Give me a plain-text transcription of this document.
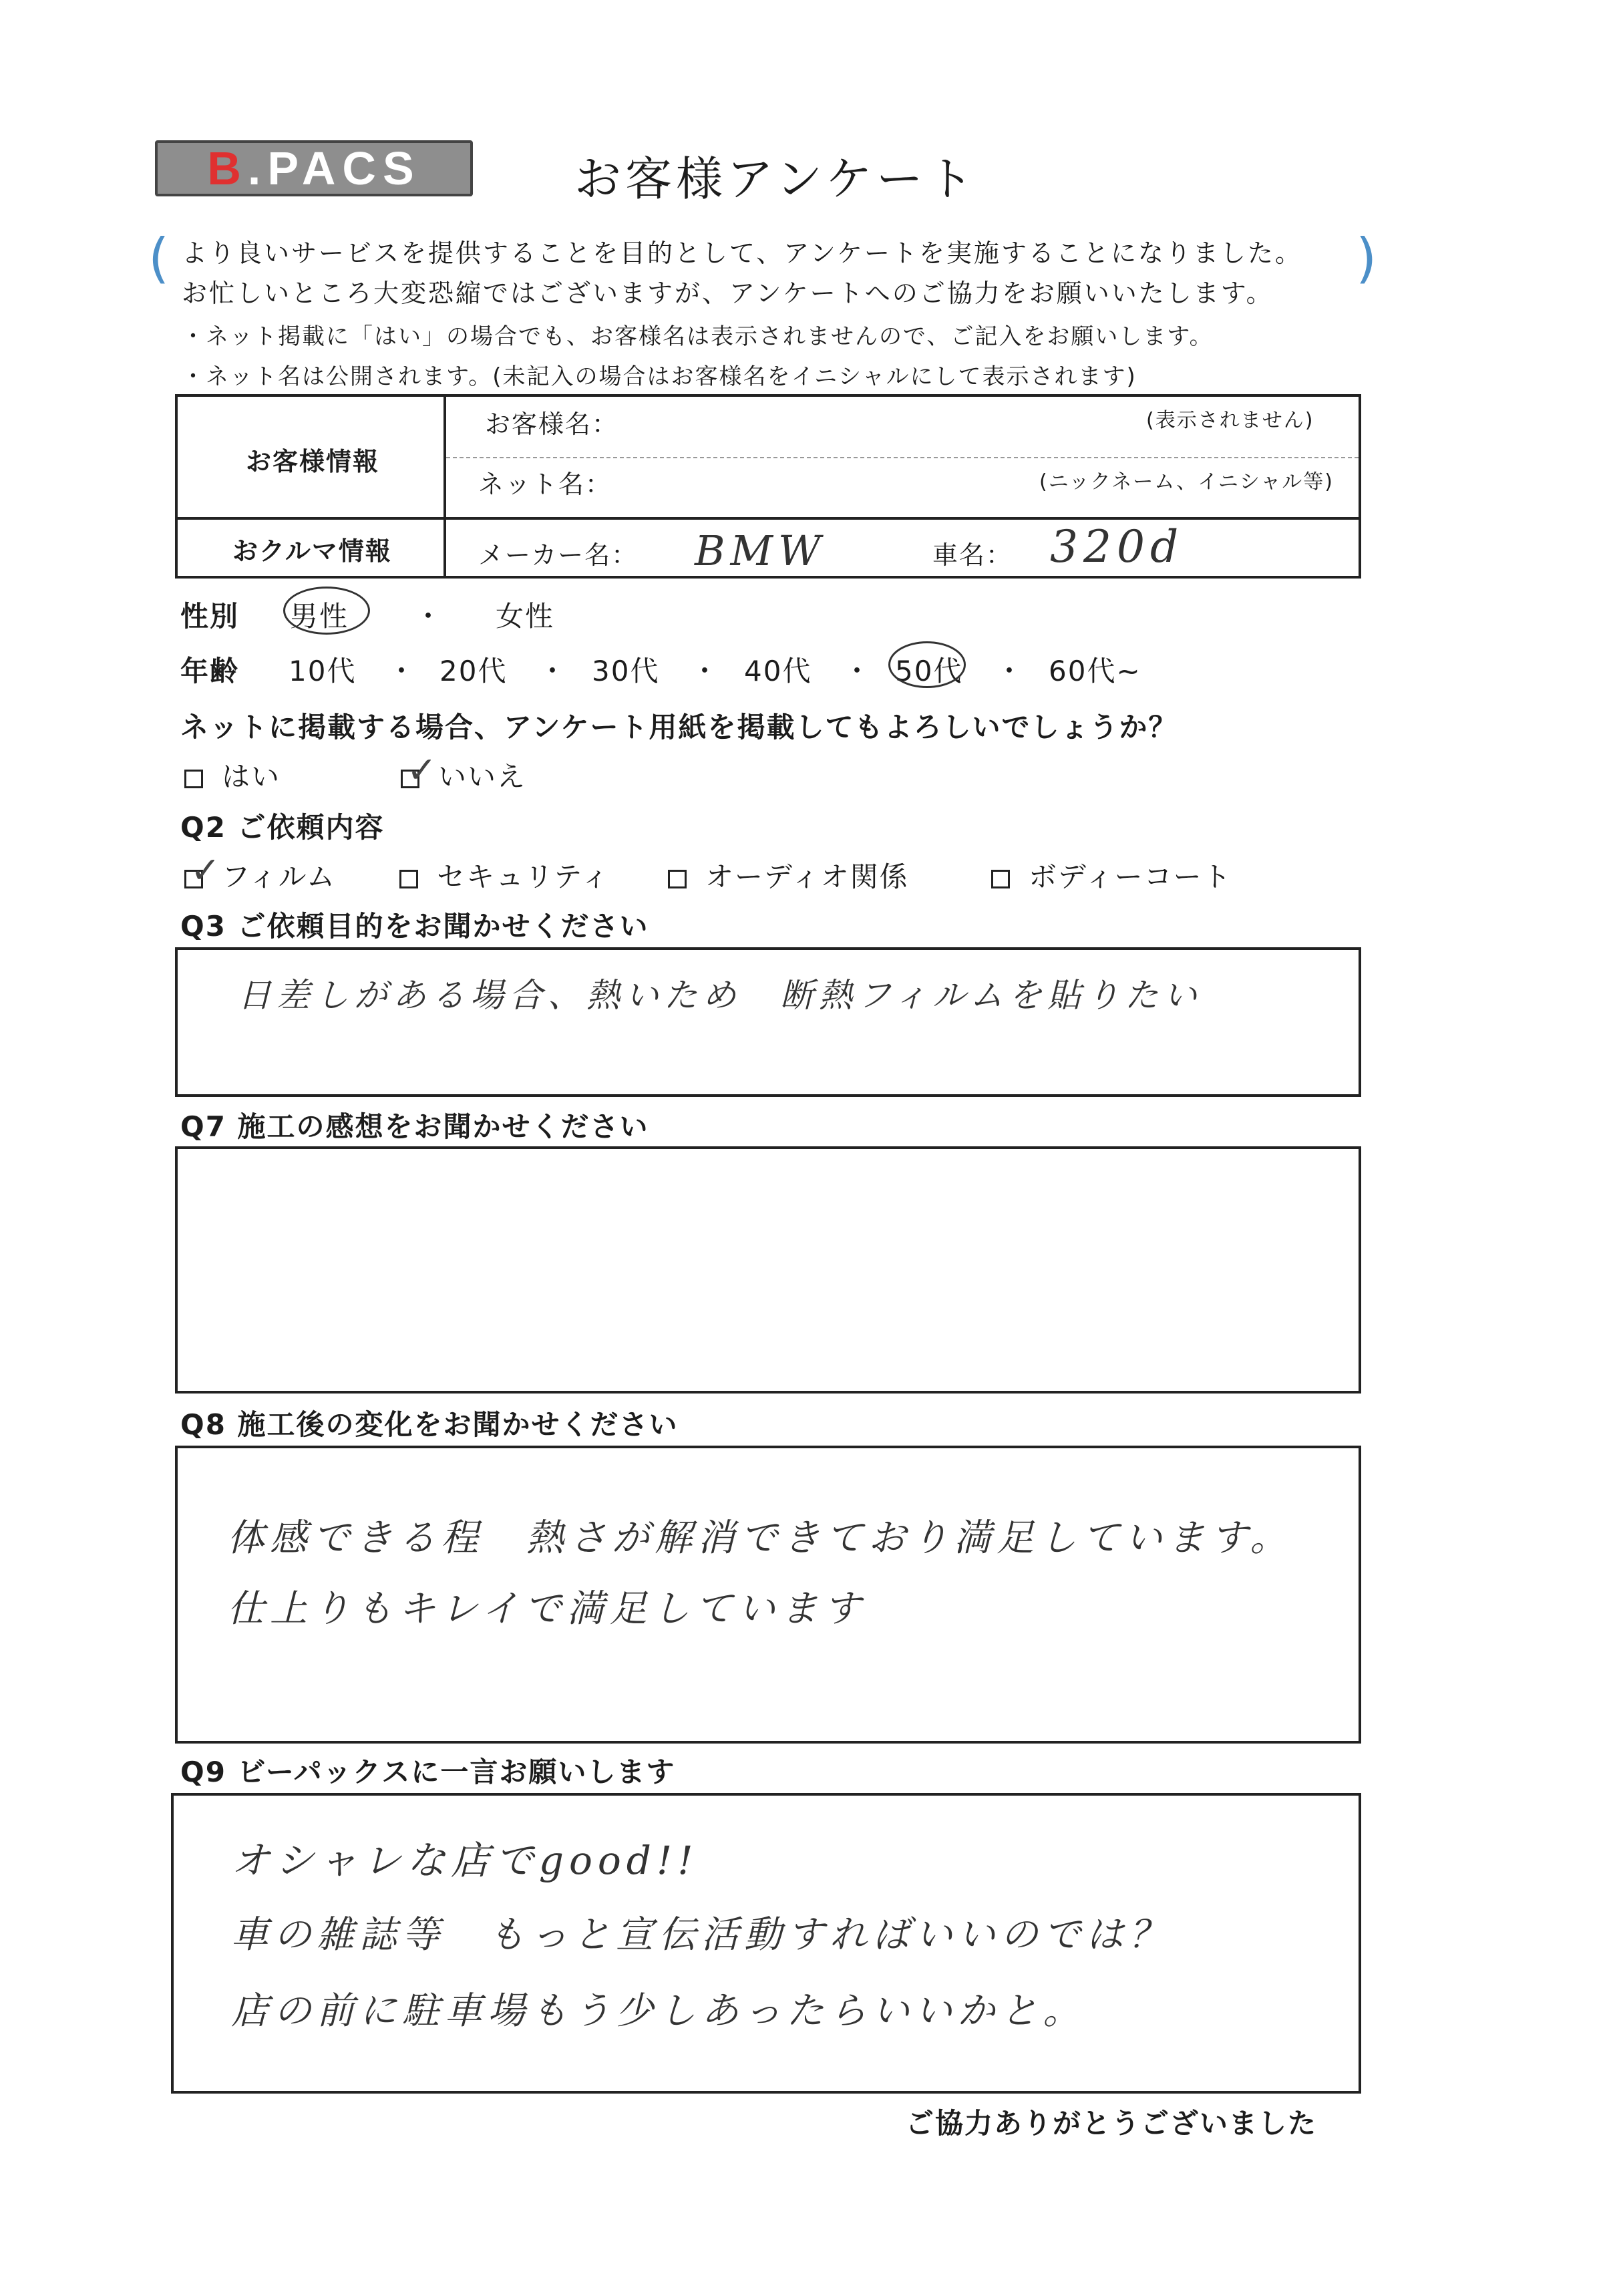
B.PACS	お客様アンケート
(	)
より良いサービスを提供することを目的として、アンケートを実施することになりました。
お忙しいところ大変恐縮ではございますが、アンケートへのご協力をお願いいたします。
・ネット掲載に「はい」の場合でも、お客様名は表示されませんので、ご記入をお願いします。
・ネット名は公開されます。(未記入の場合はお客様名をイニシャルにして表示されます)
お客様情報
おクルマ情報
お客様名：	(表示されません)
ネット名：	(ニックネーム、イニシャル等)
メーカー名： BMW	車名： 320d
性別 男性 ・ 女性
年齢 10代 ・ 20代 ・ 30代 ・ 40代 ・ 50代 ・ 60代~
ネットに掲載する場合、アンケート用紙を掲載してもよろしいでしょうか？
はい
✓	いいえ
Q2 ご依頼内容
✓フィルム	セキュリティ	オーディオ関係	ボディーコート
Q3 ご依頼目的をお聞かせください
日差しがある場合、熱いため　断熱フィルムを貼りたい
Q7 施工の感想をお聞かせください
Q8 施工後の変化をお聞かせください
体感できる程　熱さが解消できており満足しています。
仕上りもキレイで満足しています
Q9 ビーパックスに一言お願いします
オシャレな店でgood!!
車の雑誌等　もっと宣伝活動すればいいのでは？
店の前に駐車場もう少しあったらいいかと。
ご協力ありがとうございました
